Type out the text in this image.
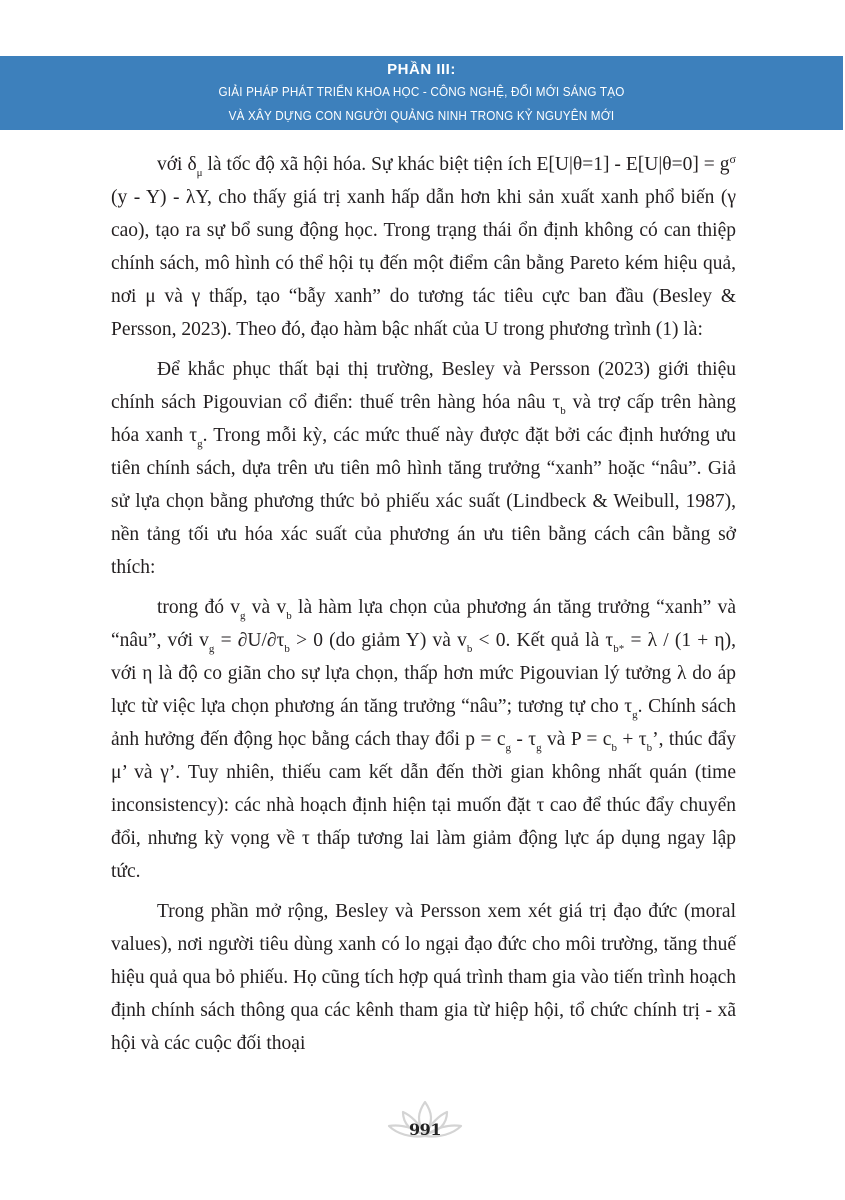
PHẦN III:
GIẢI PHÁP PHÁT TRIỂN KHOA HỌC - CÔNG NGHỆ, ĐỔI MỚI SÁNG TẠO
VÀ XÂY DỰNG CON NGƯỜI QUẢNG NINH TRONG KỶ NGUYÊN MỚI

với $\delta_\mu$ là tốc độ xã hội hóa. Sự khác biệt tiện ích $E[U|\theta=1] - E[U|\theta=0] = g^\sigma$ (y - Y) - λY, cho thấy giá trị xanh hấp dẫn hơn khi sản xuất xanh phổ biến (γ cao), tạo ra sự bổ sung động học. Trong trạng thái ổn định không có can thiệp chính sách, mô hình có thể hội tụ đến một điểm cân bằng Pareto kém hiệu quả, nơi μ và γ thấp, tạo “bẫy xanh” do tương tác tiêu cực ban đầu (Besley & Persson, 2023). Theo đó, đạo hàm bậc nhất của U trong phương trình (1) là:

Để khắc phục thất bại thị trường, Besley và Persson (2023) giới thiệu chính sách Pigouvian cổ điển: thuế trên hàng hóa nâu $\tau_b$ và trợ cấp trên hàng hóa xanh $\tau_g$. Trong mỗi kỳ, các mức thuế này được đặt bởi các định hướng ưu tiên chính sách, dựa trên ưu tiên mô hình tăng trưởng “xanh” hoặc “nâu”. Giả sử lựa chọn bằng phương thức bỏ phiếu xác suất (Lindbeck & Weibull, 1987), nền tảng tối ưu hóa xác suất của phương án ưu tiên bằng cách cân bằng sở thích:

trong đó $v_g$ và $v_b$ là hàm lựa chọn của phương án tăng trưởng “xanh” và “nâu”, với $v_g = \partial U/\partial\tau_b > 0$ (do giảm Y) và $v_b < 0$. Kết quả là $\tau_{b*} = \lambda / (1 + \eta)$, với η là độ co giãn cho sự lựa chọn, thấp hơn mức Pigouvian lý tưởng λ do áp lực từ việc lựa chọn phương án tăng trưởng “nâu”; tương tự cho $\tau_g$. Chính sách ảnh hưởng đến động học bằng cách thay đổi $p = c_g - \tau_g$ và $P = c_b + \tau_b$’, thúc đẩy μ’ và γ’. Tuy nhiên, thiếu cam kết dẫn đến thời gian không nhất quán (time inconsistency): các nhà hoạch định hiện tại muốn đặt τ cao để thúc đẩy chuyển đổi, nhưng kỳ vọng về τ thấp tương lai làm giảm động lực áp dụng ngay lập tức.

Trong phần mở rộng, Besley và Persson xem xét giá trị đạo đức (moral values), nơi người tiêu dùng xanh có lo ngại đạo đức cho môi trường, tăng thuế hiệu quả qua bỏ phiếu. Họ cũng tích hợp quá trình tham gia vào tiến trình hoạch định chính sách thông qua các kênh tham gia từ hiệp hội, tổ chức chính trị - xã hội và các cuộc đối thoại

991
